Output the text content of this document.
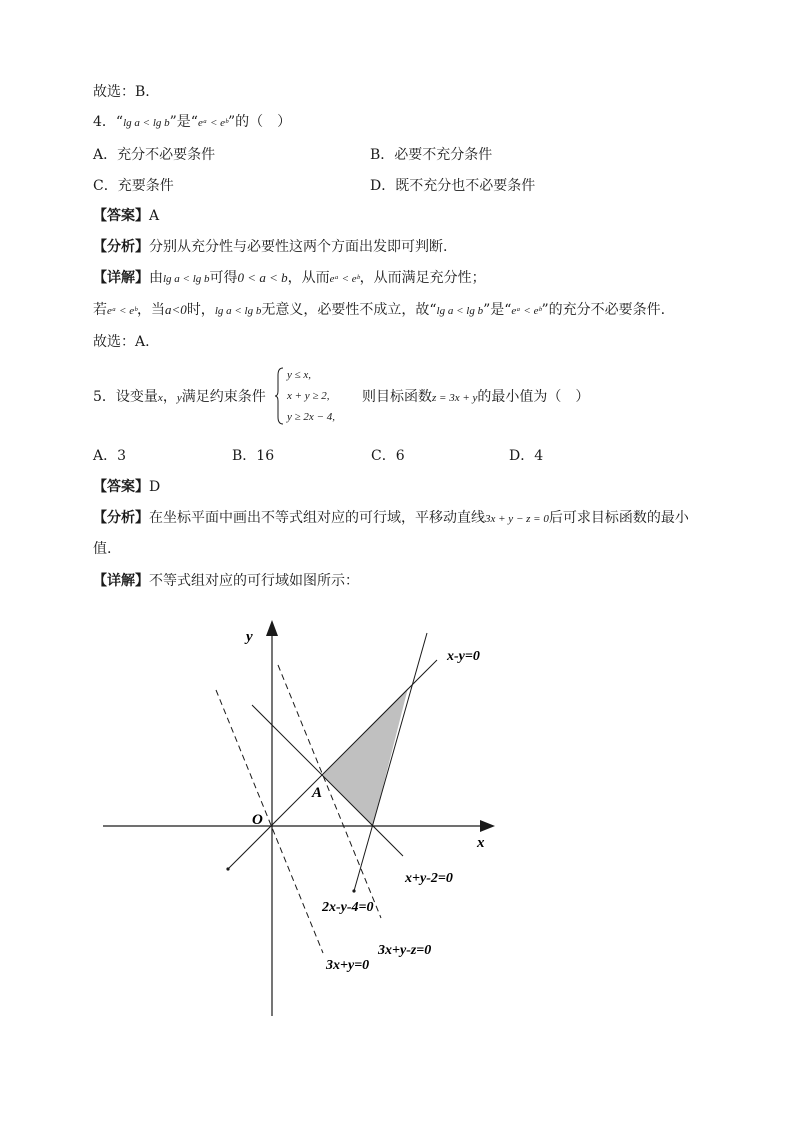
故选：B.
4．“lg a < lg b”是“eᵃ < eᵇ”的（　）
A．充分不必要条件	B．必要不充分条件
C．充要条件	D．既不充分也不必要条件
【答案】A
【分析】分别从充分性与必要性这两个方面出发即可判断.
【详解】由lg a < lg b可得0 < a < b，从而eᵃ < eᵇ，从而满足充分性；
若eᵃ < eᵇ，当a<0时，lg a < lg b无意义，必要性不成立，故“lg a < lg b”是“eᵃ < eᵇ”的充分不必要条件.
故选：A.
y ≤ x,
x + y ≥ 2,
y ≥ 2x − 4,
5．设变量x，y满足约束条件	则目标函数z = 3x + y的最小值为（　）
A．3	B．16	C．6	D．4
【答案】D
【分析】在坐标平面中画出不等式组对应的可行域，平移动直线3x + y − z = 0后可求目标函数的最小
值.
【详解】不等式组对应的可行域如图所示：
y
x
O
A
x-y=0
x+y-2=0
2x-y-4=0
3x+y-z=0
3x+y=0
